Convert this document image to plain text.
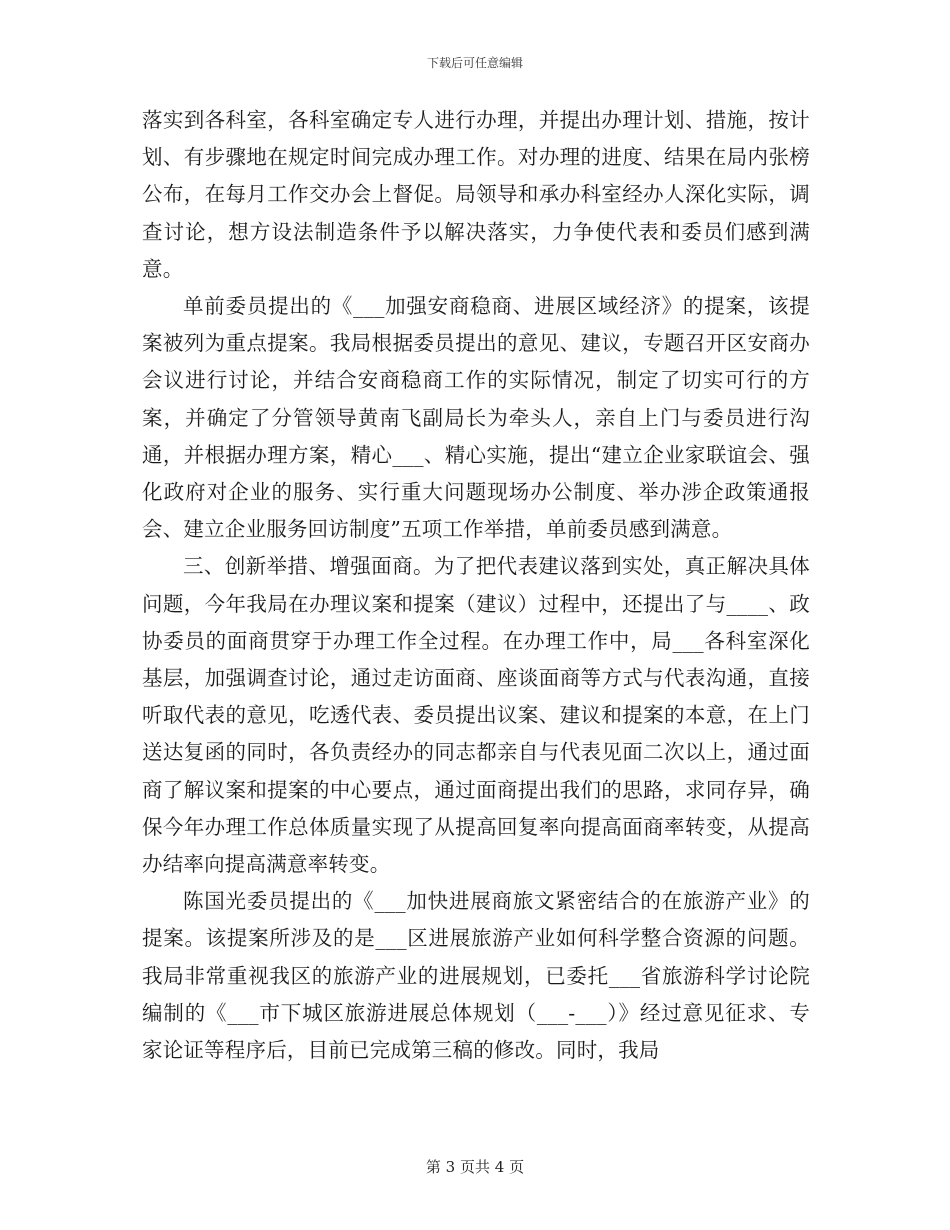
下载后可任意编辑

落实到各科室，各科室确定专人进行办理，并提出办理计划、措施，按计划、有步骤地在规定时间完成办理工作。对办理的进度、结果在局内张榜公布，在每月工作交办会上督促。局领导和承办科室经办人深化实际，调查讨论，想方设法制造条件予以解决落实，力争使代表和委员们感到满意。

单前委员提出的《___加强安商稳商、进展区域经济》的提案，该提案被列为重点提案。我局根据委员提出的意见、建议，专题召开区安商办会议进行讨论，并结合安商稳商工作的实际情况，制定了切实可行的方案，并确定了分管领导黄南飞副局长为牵头人，亲自上门与委员进行沟通，并根据办理方案，精心___、精心实施，提出“建立企业家联谊会、强化政府对企业的服务、实行重大问题现场办公制度、举办涉企政策通报会、建立企业服务回访制度”五项工作举措，单前委员感到满意。

三、创新举措、增强面商。为了把代表建议落到实处，真正解决具体问题，今年我局在办理议案和提案（建议）过程中，还提出了与____、政协委员的面商贯穿于办理工作全过程。在办理工作中，局___各科室深化基层，加强调查讨论，通过走访面商、座谈面商等方式与代表沟通，直接听取代表的意见，吃透代表、委员提出议案、建议和提案的本意，在上门送达复函的同时，各负责经办的同志都亲自与代表见面二次以上，通过面商了解议案和提案的中心要点，通过面商提出我们的思路，求同存异，确保今年办理工作总体质量实现了从提高回复率向提高面商率转变，从提高办结率向提高满意率转变。

陈国光委员提出的《___加快进展商旅文紧密结合的在旅游产业》的提案。该提案所涉及的是___区进展旅游产业如何科学整合资源的问题。我局非常重视我区的旅游产业的进展规划，已委托___省旅游科学讨论院编制的《___市下城区旅游进展总体规划（___-___）》经过意见征求、专家论证等程序后，目前已完成第三稿的修改。同时，我局

第 3 页共 4 页
